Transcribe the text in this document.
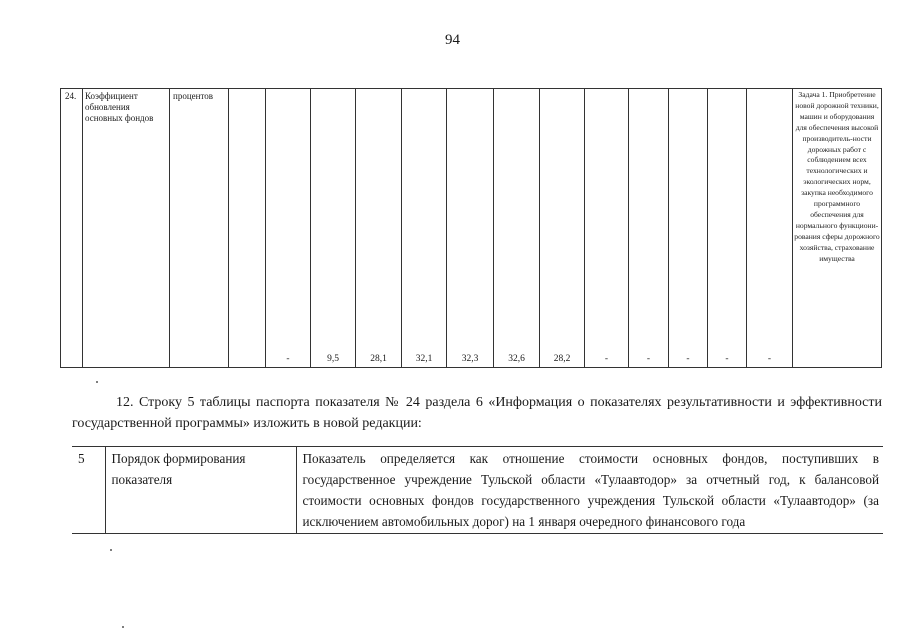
94
24.	Коэффициент обновления основных фондов	процентов		-	9,5	28,1	32,1	32,3	32,6	28,2	-	-	-	-	-	Задача 1. Приобретение новой дорожной техники, машин и оборудования для обеспечения высокой производитель-ности дорожных работ с соблюдением всех технологических и экологических норм, закупка необходимого программного обеспечения для нормального функциони-рования сферы дорожного хозяйства, страхование имущества

12. Строку 5 таблицы паспорта показателя № 24 раздела 6 «Информация о показателях результативности и эффективности государственной программы» изложить в новой редакции:

5	Порядок формирования показателя	Показатель определяется как отношение стоимости основных фондов, поступивших в государственное учреждение Тульской области «Тулаавтодор» за отчетный год, к балансовой стоимости основных фондов государственного учреждения Тульской области «Тулаавтодор» (за исключением автомобильных дорог) на 1 января очередного финансового года
